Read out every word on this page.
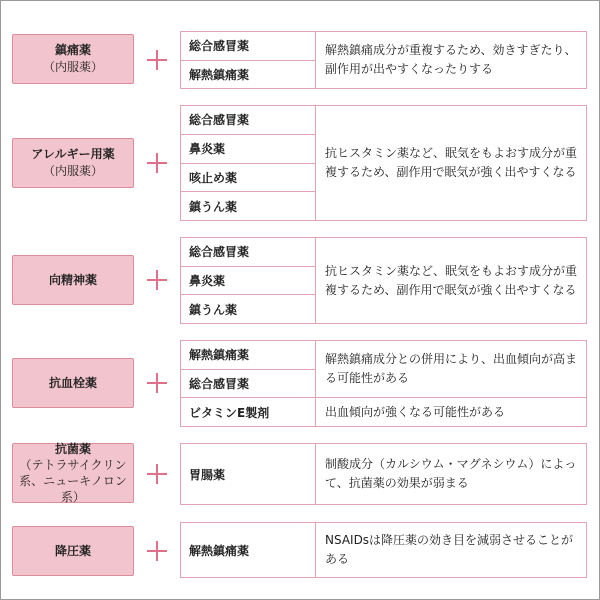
鎮痛薬
（内服薬）
総合感冒薬
解熱鎮痛薬
解熱鎮痛成分が重複するため、効きすぎたり、副作用が出やすくなったりする
アレルギー用薬
（内服薬）
総合感冒薬
鼻炎薬
咳止め薬
鎮うん薬
抗ヒスタミン薬など、眠気をもよおす成分が重複するため、副作用で眠気が強く出やすくなる
向精神薬
総合感冒薬
鼻炎薬
鎮うん薬
抗ヒスタミン薬など、眠気をもよおす成分が重複するため、副作用で眠気が強く出やすくなる
抗血栓薬
解熱鎮痛薬
総合感冒薬
解熱鎮痛成分との併用により、出血傾向が高まる可能性がある
ビタミンE製剤	出血傾向が強くなる可能性がある
抗菌薬
（テトラサイクリン系、ニューキノロン系）
胃腸薬
制酸成分（カルシウム・マグネシウム）によって、抗菌薬の効果が弱まる
降圧薬	解熱鎮痛薬
NSAIDsは降圧薬の効き目を減弱させることがある
